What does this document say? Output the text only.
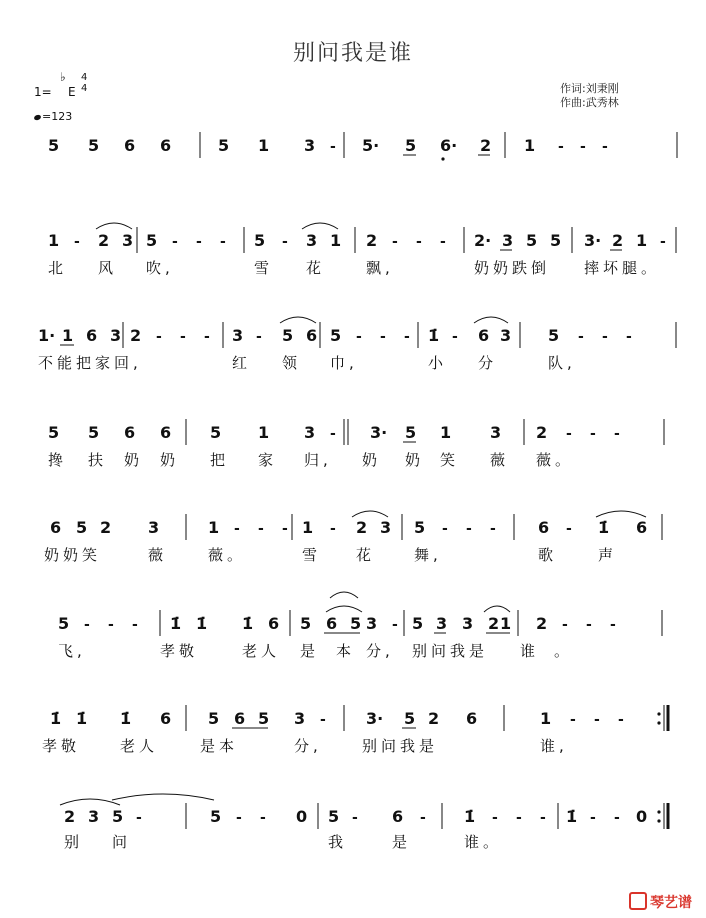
别问我是谁
1=
♭
E
4
4
=123
作词:刘秉刚
作曲:武秀林
5 5 6 6	5 1 3 - 5· 5 6· 2 1 - - -
1 - 2 3 5 - - - 5 - 3 1 2 - - - 2· 3 5 5 3· 2 1 -
北 风 吹,	雪 花	飘,	奶奶跌倒 摔坏腿。
1· 1 6 3 2 - - - 3 - 5 6 5 - - - 1̇ - 6 3 5 - - -
不能把家回,	红 领 巾,	小 分	队,
5 5 6 6 5 1 3 - 3· 5 1 3 2 - - -
搀 扶 奶 奶 把 家 归, 奶 奶 笑 薇 薇。
6 5 2 3	1 - - - 1 - 2 3 5 - - -	6 - 1̇ 6
奶奶笑	薇	薇。	雪 花	舞,	歌	声
5 - - - 1̇ 1̇ 1̇ 6 5 6 5 3 - 5 3 3 2 1 2 - - -
飞,	孝敬	老人 是 本 分, 别问我是 谁 。
1̇ 1̇ 1̇ 6 5 6 5 3 -	3· 5 2 6	1 - - -
孝敬	老人	是本	分,	别问我是	谁,
2 3 5 -	5 - - 0 5 - 6 - 1̇ - - - 1̇ - - 0
别 问	我	是	谁。
琴艺谱
